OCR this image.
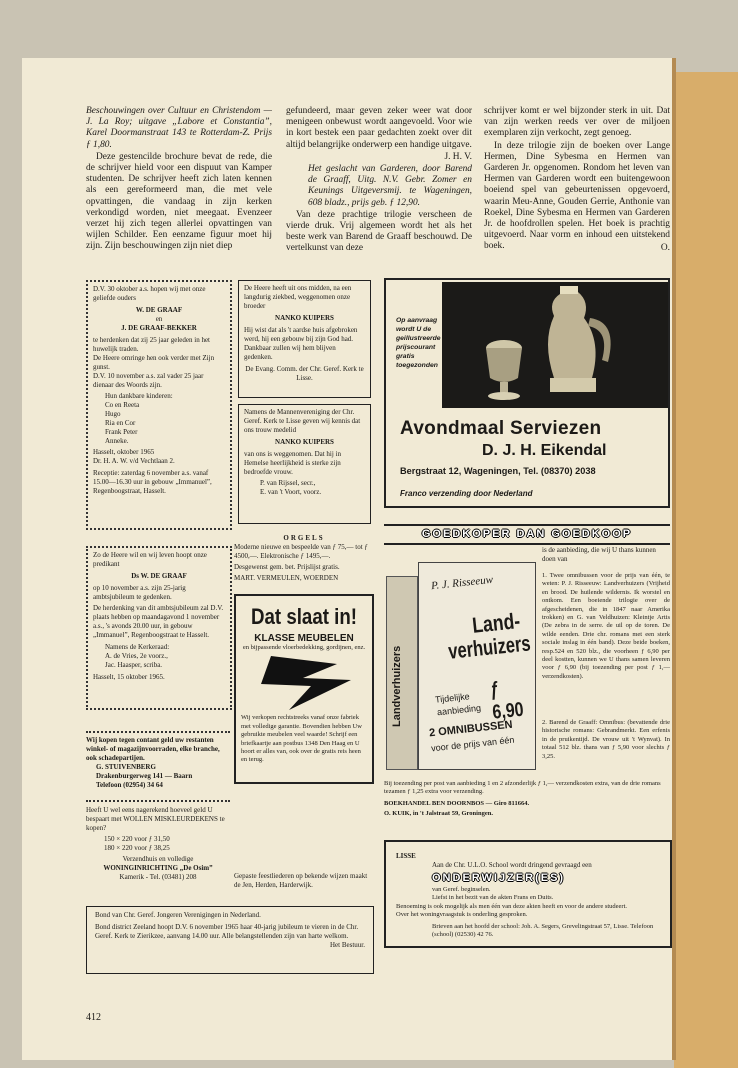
Beschouwingen over Cultuur en Christendom — J. La Roy; uitgave „Labore et Constantia”, Karel Doormanstraat 143 te Rotterdam-Z. Prijs ƒ 1,80.

Deze gestencilde brochure bevat de rede, die de schrijver hield voor een dispuut van Kamper studenten. De schrijver heeft zich laten kennen als een gereformeerd man, die met vele opvattingen, die vandaag in zijn kerken verkondigd worden, niet meegaat. Evenzeer verzet hij zich tegen allerlei opvattingen van wijlen Schilder. Een eenzame figuur moet hij zijn. Zijn beschouwingen zijn niet diep

gefundeerd, maar geven zeker weer wat door menigeen onbewust wordt aangevoeld. Voor wie in kort bestek een paar gedachten zoekt over dit altijd belangrijke onderwerp een handige uitgave.

J. H. V.

Het geslacht van Garderen, door Barend de Graaff, Uitg. N.V. Gebr. Zomer en Keunings Uitgeversmij. te Wageningen, 608 bladz., prijs geb. ƒ 12,90.

Van deze prachtige trilogie verscheen de vierde druk. Vrij algemeen wordt het als het beste werk van Barend de Graaff beschouwd. De vertelkunst van deze

schrijver komt er wel bijzonder sterk in uit. Dat van zijn werken reeds ver over de miljoen exemplaren zijn verkocht, zegt genoeg.

In deze trilogie zijn de boeken over Lange Hermen, Dine Sybesma en Hermen van Garderen Jr. opgenomen. Rondom het leven van Hermen van Garderen wordt een buitengewoon boeiend spel van gebeurtenissen opgevoerd, waarin Meu-Anne, Gouden Gerrie, Anthonie van Roekel, Dine Sybesma en Hermen van Garderen Jr. de hoofdrollen spelen. Het boek is prachtig uitgevoerd. Naar vorm en inhoud een uitstekend boek.	O.

D.V. 30 oktober a.s. hopen wij met onze geliefde ouders
W. DE GRAAF
en
J. DE GRAAF-BEKKER
te herdenken dat zij 25 jaar geleden in het huwelijk traden.
De Heere omringe hen ook verder met Zijn gunst.
D.V. 10 november a.s. zal vader 25 jaar dienaar des Woords zijn.
Hun dankbare kinderen:
Co en Reeta
Hugo
Ria en Cor
Frank Peter
Anneke.
Hasselt, oktober 1965
Dr. H. A. W. v/d Vechtlaan 2.
Receptie: zaterdag 6 november a.s. vanaf 15.00—16.30 uur in gebouw „Immanuel”, Regenboogstraat, Hasselt.
De Heere heeft uit ons midden, na een langdurig ziekbed, weggenomen onze broeder
NANKO KUIPERS
Hij wist dat als 't aardse huis afgebroken werd, hij een gebouw bij zijn God had. Dankbaar zullen wij hem blijven gedenken.
De Evang. Comm. der Chr. Geref. Kerk te Lisse.
Namens de Mannenvereniging der Chr. Geref. Kerk te Lisse geven wij kennis dat ons trouw medelid
NANKO KUIPERS
van ons is weggenomen. Dat hij in Hemelse heerlijkheid is sterke zijn bedroefde vrouw.
P. van Rijssel, secr.,
E. van 't Voort, voorz.
Op aanvraag wordt U de geillustreerde prijscourant gratis toegezonden
Avondmaal Serviezen
D. J. H. Eikendal
Bergstraat 12, Wageningen, Tel. (08370) 2038
Franco verzending door Nederland
Zo de Heere wil en wij leven hoopt onze predikant
Ds W. DE GRAAF
op 10 november a.s. zijn 25-jarig ambtsjubileum te gedenken.
De herdenking van dit ambtsjubileum zal D.V. plaats hebben op maandagavond 1 november a.s., 's avonds 20.00 uur, in gebouw „Immanuel”, Regenboogstraat te Hasselt.
Namens de Kerkeraad:
A. de Vries, 2e voorz.,
Jac. Haasper, scriba.
Hasselt, 15 oktober 1965.
ORGELS
Moderne nieuwe en bespeelde van ƒ 75,— tot ƒ 4500,—. Elektronische ƒ 1495,—.
Desgewenst gem. bet. Prijslijst gratis.
MART. VERMEULEN, WOERDEN
Dat slaat in!
KLASSE MEUBELEN
en bijpassende vloerbedekking, gordijnen, enz.
Wij verkopen rechtstreeks vanaf onze fabriek met volledige garantie. Bovendien hebben Uw gebruikte meubelen veel waarde! Schrijf een briefkaartje aan postbus 1348 Den Haag en U hoort er alles van, ook over de gratis reis heen en terug.
GOEDKOPER DAN GOEDKOOP
Landverhuizers
P. J. Risseeuw
Land-
verhuizers
Tijdelijke
aanbieding
ƒ 6,90
2 OMNIBUSSEN
voor de prijs van één
is de aanbieding, die wij U thans kunnen doen van
1. Twee omnibussen voor de prijs van één, te weten: P. J. Risseeuw: Landverhuizers (Vrijheid en brood. De huilende wildernis. Ik worstel en ontkom. Een boeiende trilogie over de afgescheidenen, die in 1847 naar Amerika trokken) en G. van Veldhuizen: Kleintje Artis (De zebra in de serre. de uil op de toren. De wilde eenden. Drie chr. romans met een sterk sociale inslag in één band). Deze beide boeken, resp.524 en 520 blz., die voorheen ƒ 6,90 per deel kostten, kunnen we U thans samen leveren voor ƒ 6,90 (bij toezending per post ƒ 1,— verzendkosten).
2. Barend de Graaff: Omnibus: (bevattende drie historische romans: Gebrandmerkt. Een erfenis in de pruikentijd. De vrouw uit 't Wynvat). In totaal 512 blz. thans van ƒ 5,90 voor slechts ƒ 3,25.
Bij toezending per post van aanbieding 1 en 2 afzonderlijk ƒ 1,— verzendkosten extra, van de drie romans tezamen ƒ 1,25 extra voor verzending.
BOEKHANDEL BEN DOORNBOS — Giro 811664.
O. KUIK, in 't Jalstraat 59, Groningen.
Wij kopen tegen contant geld uw restanten winkel- of magazijnvoorraden, elke branche, ook schadepartijen.
G. STUIVENBERG
Drakenburgerweg 141 — Baarn
Telefoon (02954) 34 64
Heeft U wel eens nagerekend hoeveel geld U bespaart met WOLLEN MISKLEURDEKENS te kopen?
150 × 220 voor ƒ 31,50
180 × 220 voor ƒ 38,25
Verzendhuis en volledige
WONINGINRICHTING „De Osim”
Kamerik - Tel. (03481) 208	Gepaste feestliederen op bekende wijzen maakt de Jen, Herden, Harderwijk.
LISSE
Aan de Chr. U.L.O. School wordt dringend gevraagd een
ONDERWIJZER(ES)
van Geref. beginselen.
Liefst in het bezit van de akten Frans en Duits.
Benoeming is ook mogelijk als men één van deze akten heeft en voor de andere studeert.
Over het woningvraagstuk is onderling gesproken.
Brieven aan het hoofd der school: Joh. A. Segers, Grevelingstraat 57, Lisse. Telefoon (school) (02530) 42 76.
Bond van Chr. Geref. Jongeren Verenigingen in Nederland.
Bond district Zeeland hoopt D.V. 6 november 1965 haar 40-jarig jubileum te vieren in de Chr. Geref. Kerk te Zierikzee, aanvang 14.00 uur. Alle belangstellenden zijn van harte welkom.
Het Bestuur.
412
